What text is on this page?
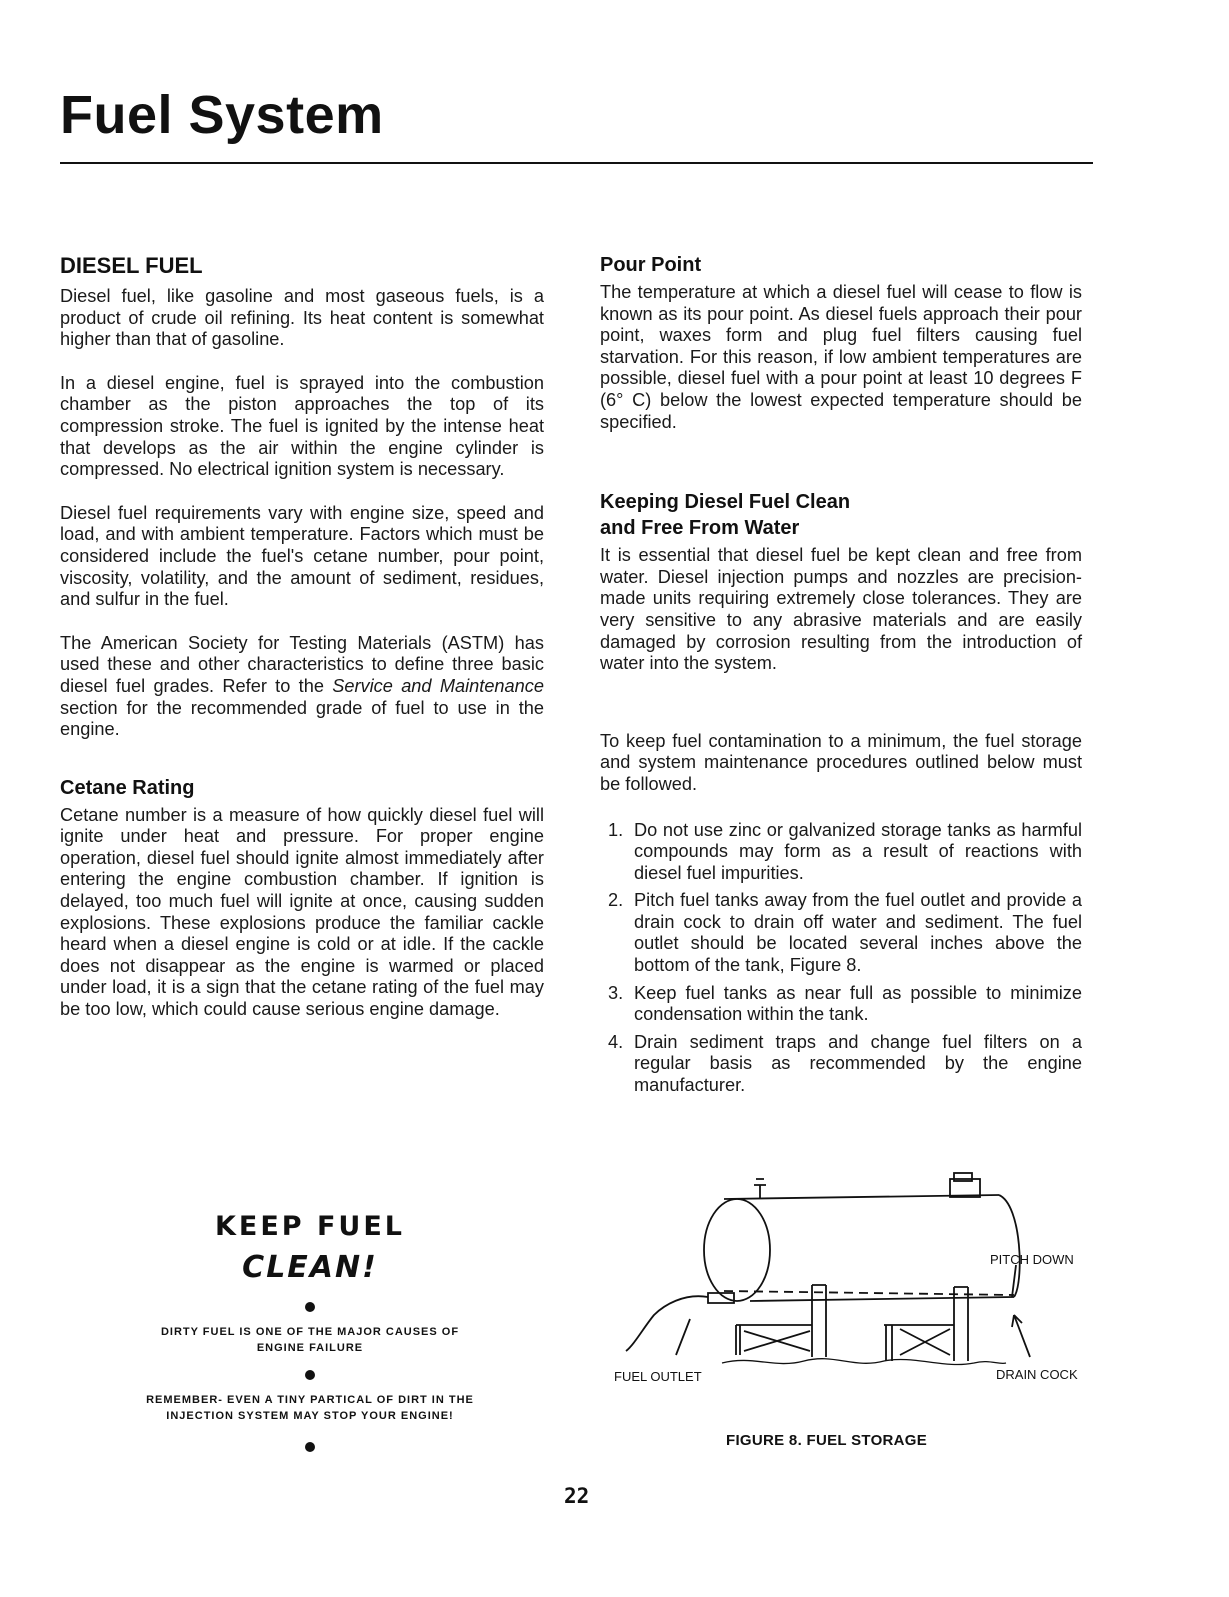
Fuel System
DIESEL FUEL

Diesel fuel, like gasoline and most gaseous fuels, is a product of crude oil refining. Its heat content is somewhat higher than that of gasoline.

In a diesel engine, fuel is sprayed into the combustion chamber as the piston approaches the top of its compression stroke. The fuel is ignited by the intense heat that develops as the air within the engine cylinder is compressed. No electrical ignition system is necessary.

Diesel fuel requirements vary with engine size, speed and load, and with ambient temperature. Factors which must be considered include the fuel's cetane number, pour point, viscosity, volatility, and the amount of sediment, residues, and sulfur in the fuel.

The American Society for Testing Materials (ASTM) has used these and other characteristics to define three basic diesel fuel grades. Refer to the Service and Maintenance section for the recommended grade of fuel to use in the engine.

Cetane Rating

Cetane number is a measure of how quickly diesel fuel will ignite under heat and pressure. For proper engine operation, diesel fuel should ignite almost immediately after entering the engine combustion chamber. If ignition is delayed, too much fuel will ignite at once, causing sudden explosions. These explosions produce the familiar cackle heard when a diesel engine is cold or at idle. If the cackle does not disappear as the engine is warmed or placed under load, it is a sign that the cetane rating of the fuel may be too low, which could cause serious engine damage.

Pour Point

The temperature at which a diesel fuel will cease to flow is known as its pour point. As diesel fuels approach their pour point, waxes form and plug fuel filters causing fuel starvation. For this reason, if low ambient temperatures are possible, diesel fuel with a pour point at least 10 degrees F (6° C) below the lowest expected temperature should be specified.

Keeping Diesel Fuel Clean
and Free From Water

It is essential that diesel fuel be kept clean and free from water. Diesel injection pumps and nozzles are precision-made units requiring extremely close tolerances. They are very sensitive to any abrasive materials and are easily damaged by corrosion resulting from the introduction of water into the system.

To keep fuel contamination to a minimum, the fuel storage and system maintenance procedures outlined below must be followed.

1. Do not use zinc or galvanized storage tanks as harmful compounds may form as a result of reactions with diesel fuel impurities.

2. Pitch fuel tanks away from the fuel outlet and provide a drain cock to drain off water and sediment. The fuel outlet should be located several inches above the bottom of the tank, Figure 8.

3. Keep fuel tanks as near full as possible to minimize condensation within the tank.

4. Drain sediment traps and change fuel filters on a regular basis as recommended by the engine manufacturer.

KEEP FUEL
CLEAN!
DIRTY FUEL IS ONE OF THE MAJOR CAUSES OF ENGINE FAILURE
REMEMBER- EVEN A TINY PARTICAL OF DIRT IN THE INJECTION SYSTEM MAY STOP YOUR ENGINE!
PITCH DOWN
FUEL OUTLET	DRAIN COCK
FIGURE 8. FUEL STORAGE
22
